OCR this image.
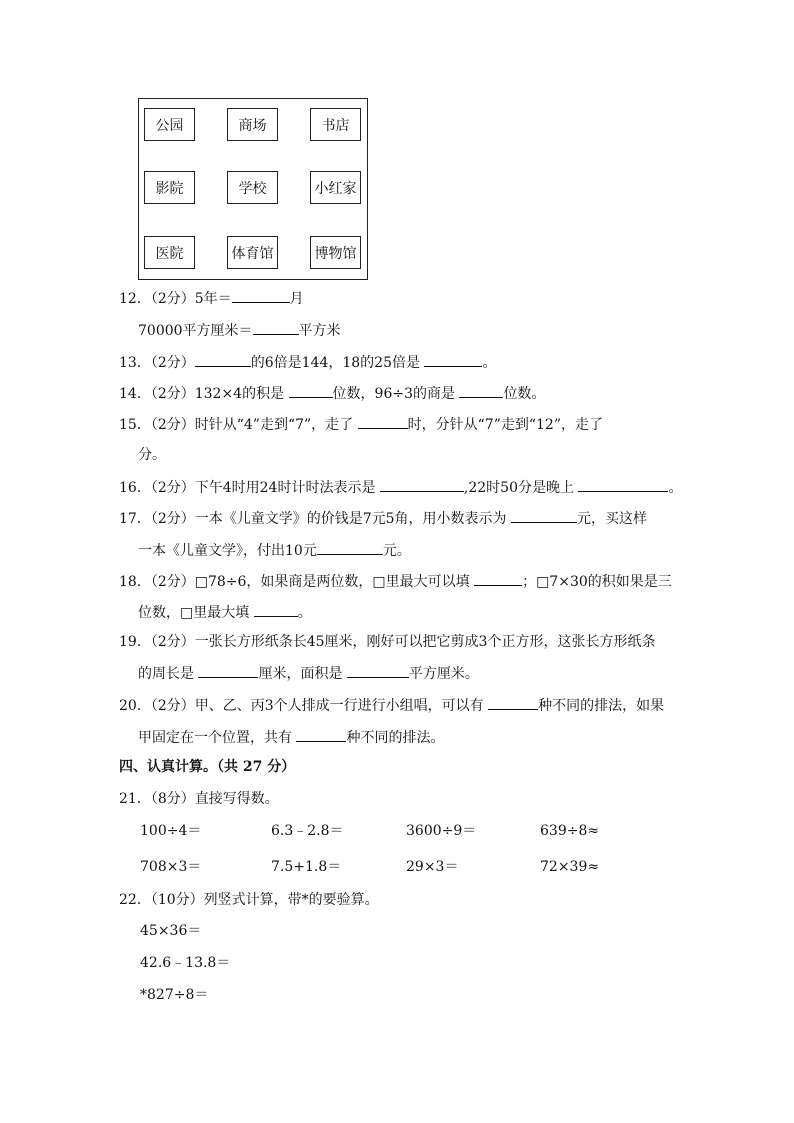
公园	商场	书店
影院	学校	小红家
医院	体育馆	博物馆
12．（2分）5年＝	月
70000平方厘米＝	平方米
13．（2分）	的6倍是144，18的25倍是	。
14．（2分）132×4的积是	位数，96÷3的商是	位数。
15．（2分）时针从“4”走到“7”，走了	时，分针从“7”走到“12”，走了
分。
16．（2分）下午4时用24时计时法表示是	,22时50分是晚上	。
17．（2分）一本《儿童文学》的价钱是7元5角，用小数表示为	元，买这样
一本《儿童文学》，付出10元	元。
18．（2分）□78÷6，如果商是两位数，□里最大可以填	；□7×30的积如果是三
位数，□里最大填	。
19．（2分）一张长方形纸条长45厘米，刚好可以把它剪成3个正方形，这张长方形纸条
的周长是	厘米，面积是	平方厘米。
20．（2分）甲、乙、丙3个人排成一行进行小组唱，可以有	种不同的排法，如果
甲固定在一个位置，共有	种不同的排法。
四、认真计算。（共 27 分）
21．（8分）直接写得数。
100÷4＝	6.3﹣2.8＝	3600÷9＝	639÷8≈
708×3＝	7.5+1.8＝	29×3＝	72×39≈
22．（10分）列竖式计算，带*的要验算。
45×36＝
42.6﹣13.8＝
*827÷8＝
